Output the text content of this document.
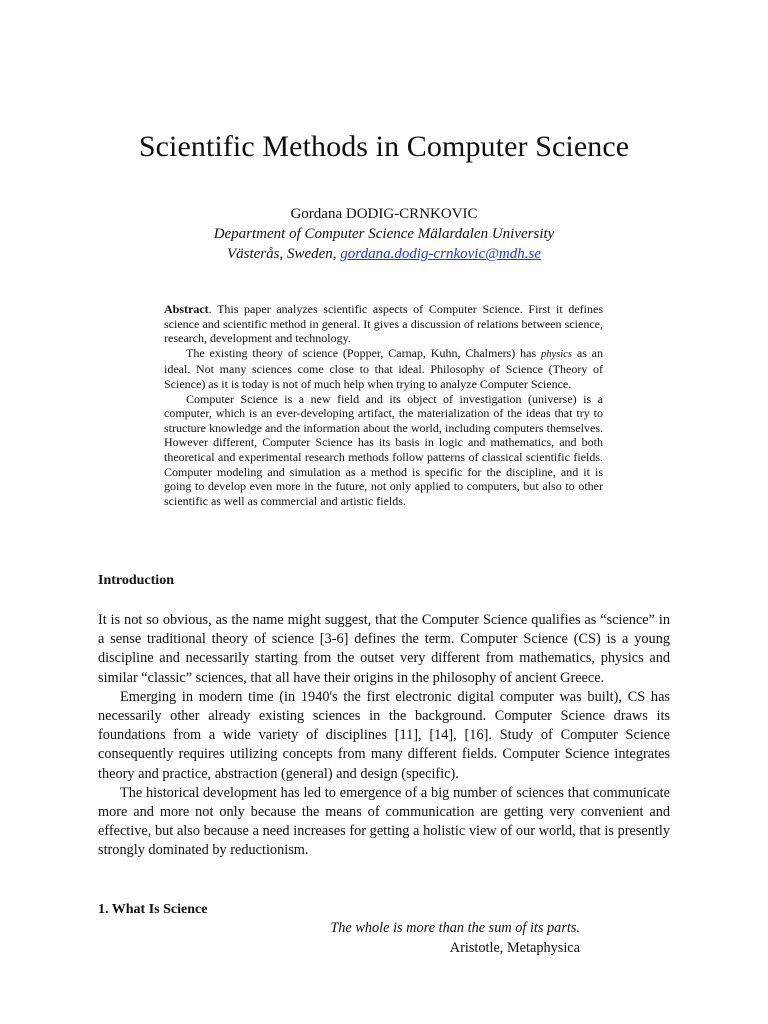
Scientific Methods in Computer Science
Gordana DODIG-CRNKOVIC
Department of Computer Science Mälardalen University
Västerås, Sweden, gordana.dodig-crnkovic@mdh.se

Abstract. This paper analyzes scientific aspects of Computer Science. First it defines science and scientific method in general. It gives a discussion of relations between science, research, development and technology.

The existing theory of science (Popper, Carnap, Kuhn, Chalmers) has physics as an ideal. Not many sciences come close to that ideal. Philosophy of Science (Theory of Science) as it is today is not of much help when trying to analyze Computer Science.

Computer Science is a new field and its object of investigation (universe) is a computer, which is an ever-developing artifact, the materialization of the ideas that try to structure knowledge and the information about the world, including computers themselves. However different, Computer Science has its basis in logic and mathematics, and both theoretical and experimental research methods follow patterns of classical scientific fields. Computer modeling and simulation as a method is specific for the discipline, and it is going to develop even more in the future, not only applied to computers, but also to other scientific as well as commercial and artistic fields.

Introduction

It is not so obvious, as the name might suggest, that the Computer Science qualifies as “science” in a sense traditional theory of science [3-6] defines the term. Computer Science (CS) is a young discipline and necessarily starting from the outset very different from mathematics, physics and similar “classic” sciences, that all have their origins in the philosophy of ancient Greece.

Emerging in modern time (in 1940's the first electronic digital computer was built), CS has necessarily other already existing sciences in the background. Computer Science draws its foundations from a wide variety of disciplines [11], [14], [16]. Study of Computer Science consequently requires utilizing concepts from many different fields. Computer Science integrates theory and practice, abstraction (general) and design (specific).

The historical development has led to emergence of a big number of sciences that communicate more and more not only because the means of communication are getting very convenient and effective, but also because a need increases for getting a holistic view of our world, that is presently strongly dominated by reductionism.

1. What Is Science
The whole is more than the sum of its parts.
Aristotle, Metaphysica
